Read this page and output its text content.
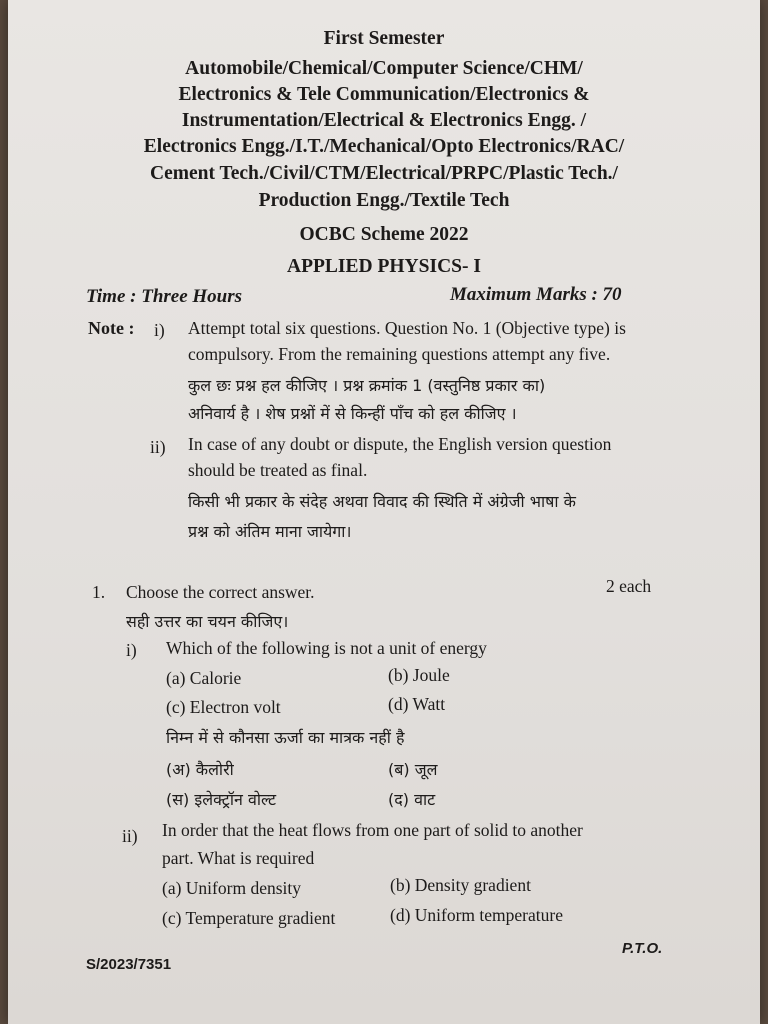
First Semester
Automobile/Chemical/Computer Science/CHM/
Electronics & Tele Communication/Electronics &
Instrumentation/Electrical & Electronics Engg. /
Electronics Engg./I.T./Mechanical/Opto Electronics/RAC/
Cement Tech./Civil/CTM/Electrical/PRPC/Plastic Tech./
Production Engg./Textile Tech
OCBC Scheme 2022
APPLIED PHYSICS- I
Time : Three Hours	Maximum Marks : 70
Note : i) Attempt total six questions. Question No. 1 (Objective type) is
compulsory. From the remaining questions attempt any five.
कुल छः प्रश्न हल कीजिए । प्रश्न क्रमांक 1 (वस्तुनिष्ठ प्रकार का)
अनिवार्य है । शेष प्रश्नों में से किन्हीं पाँच को हल कीजिए ।
ii) In case of any doubt or dispute, the English version question
should be treated as final.
किसी भी प्रकार के संदेह अथवा विवाद की स्थिति में अंग्रेजी भाषा के
प्रश्न को अंतिम माना जायेगा।
1. Choose the correct answer.	2 each
सही उत्तर का चयन कीजिए।
i) Which of the following is not a unit of energy
(a) Calorie	(b) Joule
(c) Electron volt	(d) Watt
निम्न में से कौनसा ऊर्जा का मात्रक नहीं है
(अ) कैलोरी	(ब) जूल
(स) इलेक्ट्रॉन वोल्ट	(द) वाट
ii) In order that the heat flows from one part of solid to another
part. What is required
(a) Uniform density	(b) Density gradient
(c) Temperature gradient	(d) Uniform temperature
S/2023/7351
P.T.O.
